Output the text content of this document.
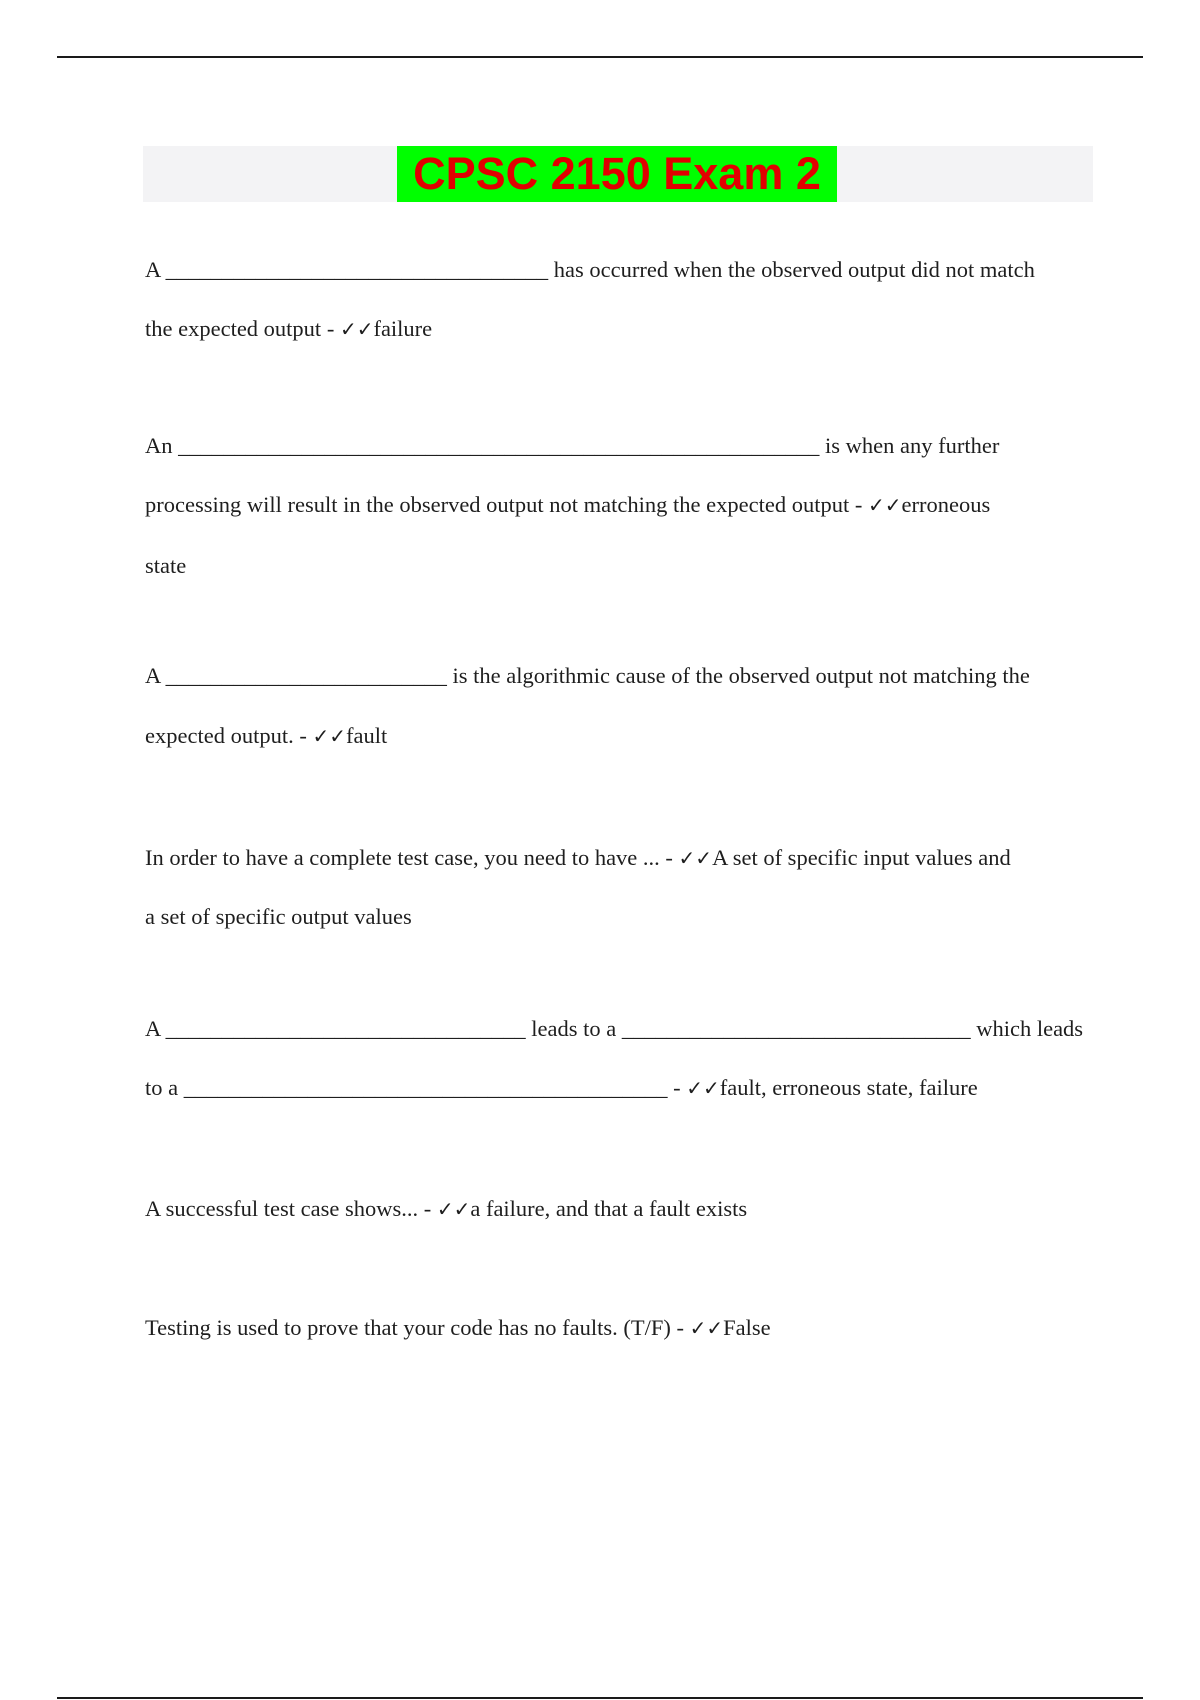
CPSC 2150 Exam 2
A __________________________________ has occurred when the observed output did not match
the expected output - ✓✓failure
An _________________________________________________________ is when any further
processing will result in the observed output not matching the expected output - ✓✓erroneous
state
A _________________________ is the algorithmic cause of the observed output not matching the
expected output. - ✓✓fault
In order to have a complete test case, you need to have ... - ✓✓A set of specific input values and
a set of specific output values
A ________________________________ leads to a _______________________________ which leads
to a ___________________________________________ - ✓✓fault, erroneous state, failure
A successful test case shows... - ✓✓a failure, and that a fault exists
Testing is used to prove that your code has no faults. (T/F) - ✓✓False
